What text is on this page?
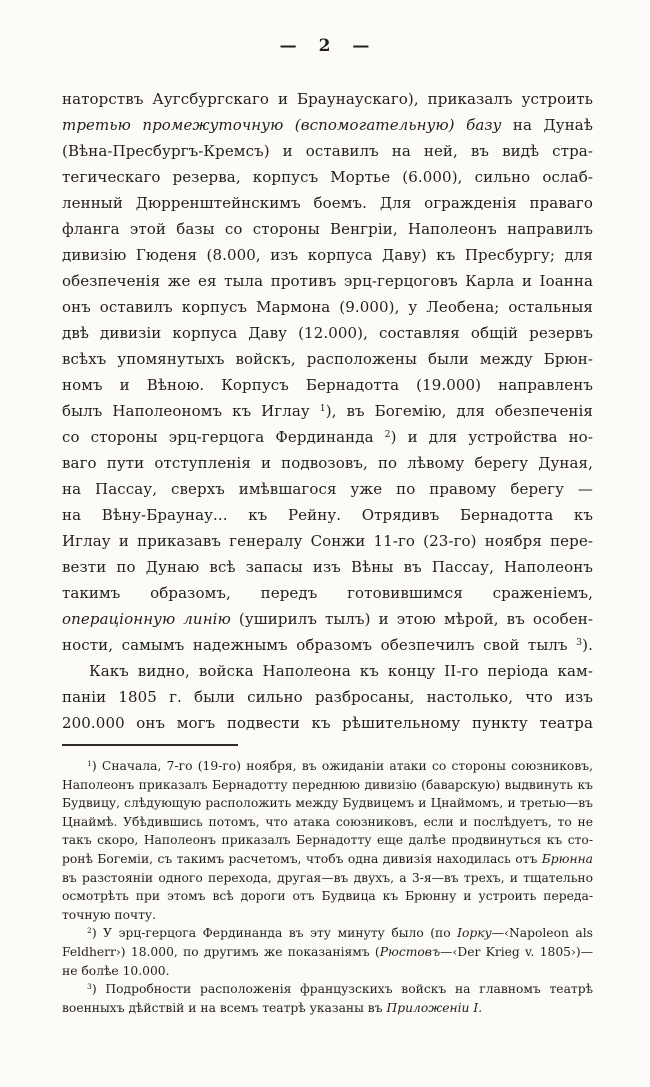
— 2 —
наторствъ Аугсбургскаго и Браунаускаго), приказалъ устроить
третью промежуточную (вспомогательную) базу на Дунаѣ
(Вѣна-Пресбургъ-Кремсъ) и оставилъ на ней, въ видѣ стра-
тегическаго резерва, корпусъ Мортье (6.000), сильно ослаб-
ленный Дюрренштейнскимъ боемъ. Для огражденія праваго
фланга этой базы со стороны Венгріи, Наполеонъ направилъ
дивизію Гюденя (8.000, изъ корпуса Даву) къ Пресбургу; для
обезпеченія же ея тыла противъ эрц-герцоговъ Карла и Іоанна
онъ оставилъ корпусъ Мармона (9.000), у Леобена; остальныя
двѣ дивизіи корпуса Даву (12.000), составляя общій резервъ
всѣхъ упомянутыхъ войскъ, расположены были между Брюн-
номъ и Вѣною. Корпусъ Бернадотта (19.000) направленъ
былъ Наполеономъ къ Иглау $^1$), въ Богемію, для обезпеченія
со стороны эрц-герцога Фердинанда $^2$) и для устройства но-
ваго пути отступленія и подвозовъ, по лѣвому берегу Дуная,
на Пассау, сверхъ имѣвшагося уже по правому берегу —
на Вѣну-Браунау... къ Рейну. Отрядивъ Бернадотта къ
Иглау и приказавъ генералу Сонжи 11-го (23-го) ноября пере-
везти по Дунаю всѣ запасы изъ Вѣны въ Пассау, Наполеонъ
такимъ образомъ, передъ готовившимся сраженіемъ,
операціонную линію (уширилъ тылъ) и этою мѣрой, въ особен-
ности, самымъ надежнымъ образомъ обезпечилъ свой тылъ $^3$).
Какъ видно, войска Наполеона къ концу II-го періода кам-
паніи 1805 г. были сильно разбросаны, настолько, что изъ
200.000 онъ могъ подвести къ рѣшительному пункту театра
$^1$) Сначала, 7-го (19-го) ноября, въ ожиданіи атаки со стороны союзниковъ,
Наполеонъ приказалъ Бернадотту переднюю дивизію (баварскую) выдвинуть къ
Будвицу, слѣдующую расположить между Будвицемъ и Цнаймомъ, и третью—въ
Цнаймѣ. Убѣдившись потомъ, что атака союзниковъ, если и послѣдуетъ, то не
такъ скоро, Наполеонъ приказалъ Бернадотту еще далѣе продвинуться къ сто-
ронѣ Богеміи, съ такимъ расчетомъ, чтобъ одна дивизія находилась отъ Брюнна
въ разстояніи одного перехода, другая—въ двухъ, а 3-я—въ трехъ, и тщательно
осмотрѣть при этомъ всѣ дороги отъ Будвица къ Брюнну и устроить переда-
точную почту.
$^2$) У эрц-герцога Фердинанда въ эту минуту было (по Іорку—‹Napoleon als
Feldherr›) 18.000, по другимъ же показаніямъ (Рюстовъ—‹Der Krieg v. 1805›)—
не болѣе 10.000.
$^3$) Подробности расположенія французскихъ войскъ на главномъ театрѣ
военныхъ дѣйствій и на всемъ театрѣ указаны въ Приложеніи I.
